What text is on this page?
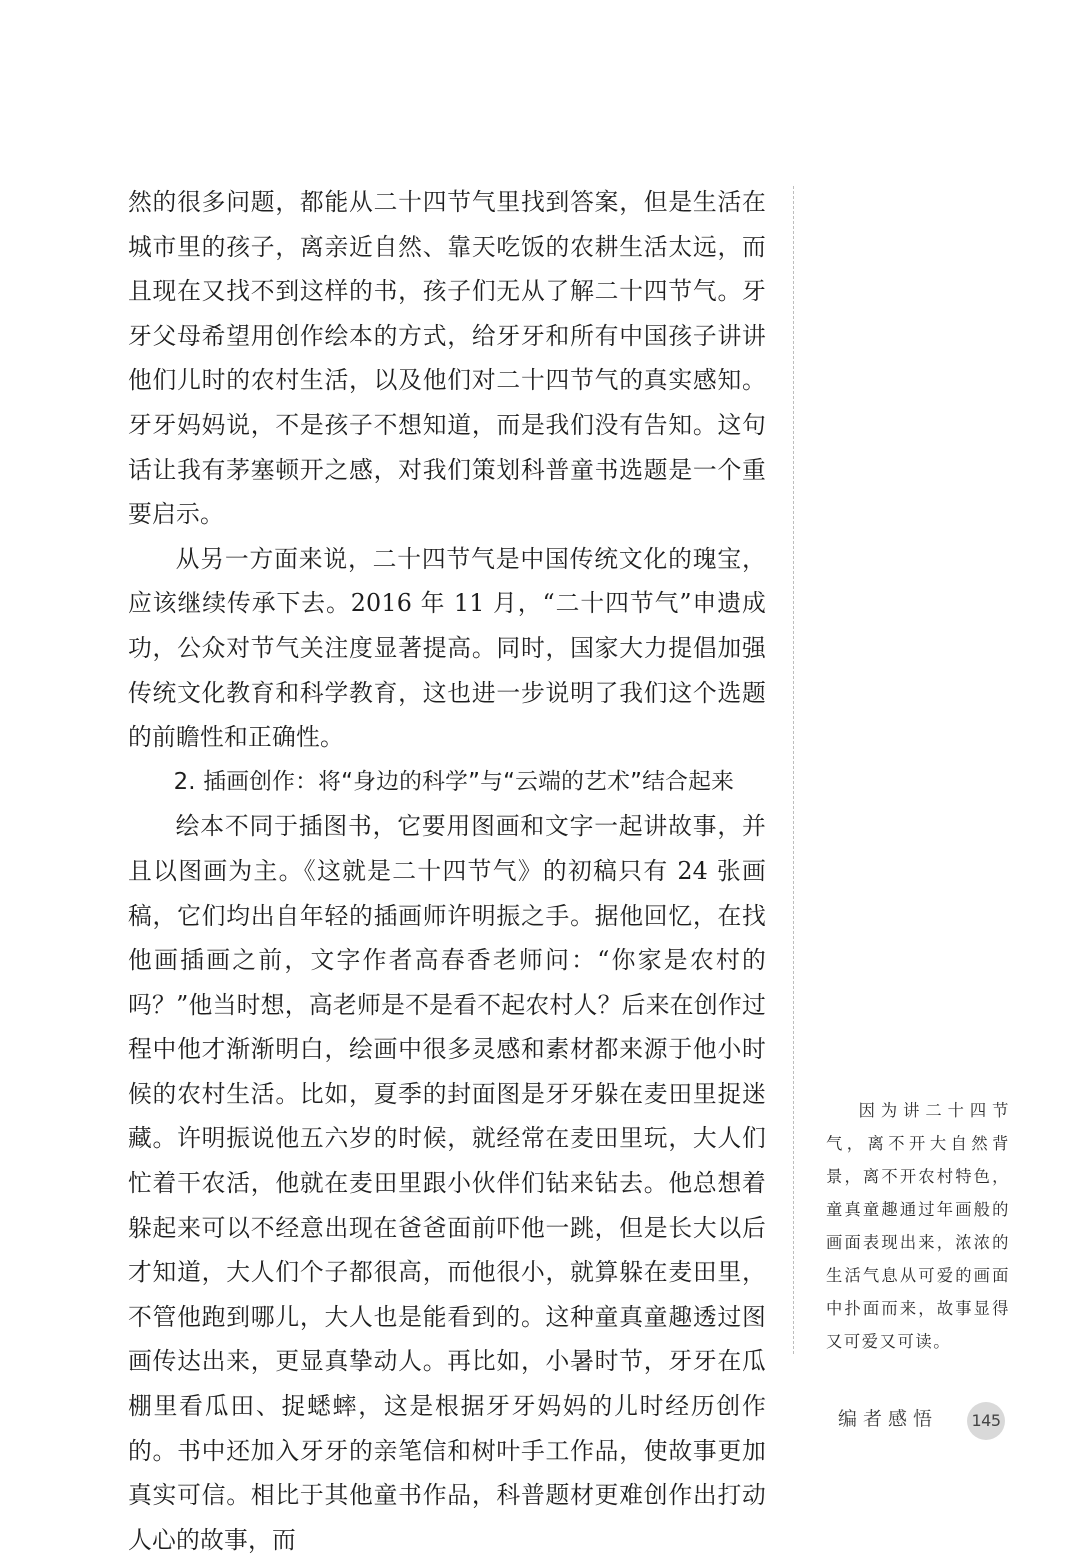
然的很多问题，都能从二十四节气里找到答案，但是生活在城市里的孩子，离亲近自然、靠天吃饭的农耕生活太远，而且现在又找不到这样的书，孩子们无从了解二十四节气。牙牙父母希望用创作绘本的方式，给牙牙和所有中国孩子讲讲他们儿时的农村生活，以及他们对二十四节气的真实感知。牙牙妈妈说，不是孩子不想知道，而是我们没有告知。这句话让我有茅塞顿开之感，对我们策划科普童书选题是一个重要启示。

从另一方面来说，二十四节气是中国传统文化的瑰宝，应该继续传承下去。2016 年 11 月，“二十四节气”申遗成功，公众对节气关注度显著提高。同时，国家大力提倡加强传统文化教育和科学教育，这也进一步说明了我们这个选题的前瞻性和正确性。

2. 插画创作：将“身边的科学”与“云端的艺术”结合起来

绘本不同于插图书，它要用图画和文字一起讲故事，并且以图画为主。《这就是二十四节气》的初稿只有 24 张画稿，它们均出自年轻的插画师许明振之手。据他回忆，在找他画插画之前，文字作者高春香老师问：“你家是农村的吗？”他当时想，高老师是不是看不起农村人？后来在创作过程中他才渐渐明白，绘画中很多灵感和素材都来源于他小时候的农村生活。比如，夏季的封面图是牙牙躲在麦田里捉迷藏。许明振说他五六岁的时候，就经常在麦田里玩，大人们忙着干农活，他就在麦田里跟小伙伴们钻来钻去。他总想着躲起来可以不经意出现在爸爸面前吓他一跳，但是长大以后才知道，大人们个子都很高，而他很小，就算躲在麦田里，不管他跑到哪儿，大人也是能看到的。这种童真童趣透过图画传达出来，更显真挚动人。再比如，小暑时节，牙牙在瓜棚里看瓜田、捉蟋蟀，这是根据牙牙妈妈的儿时经历创作的。书中还加入牙牙的亲笔信和树叶手工作品，使故事更加真实可信。相比于其他童书作品，科普题材更难创作出打动人心的故事，而

因为讲二十四节气，离不开大自然背景，离不开农村特色，童真童趣通过年画般的画面表现出来，浓浓的生活气息从可爱的画面中扑面而来，故事显得又可爱又可读。

编者感悟 145
